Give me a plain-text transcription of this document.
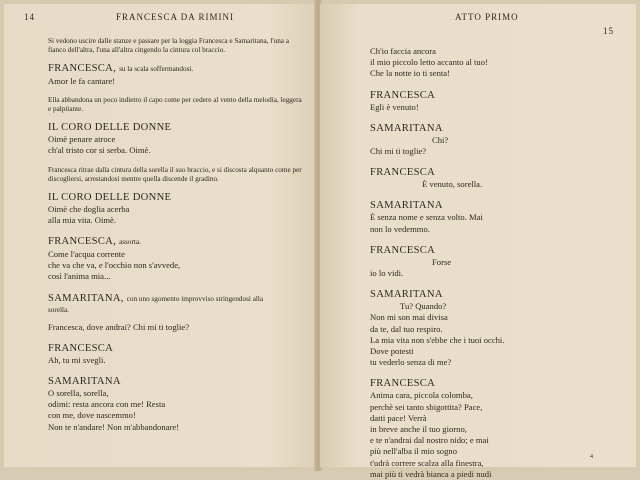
14	FRANCESCA DA RIMINI
Si vedono uscire dalle stanze e passare per la loggia Francesca e Samaritana, l'una a fianco dell'altra, l'una all'altra cingendo la cintura col braccio.
FRANCESCA, su la scala soffermandosi.
Amor le fa cantare!
Ella abbandona un poco indietro il capo come per cedere al vento della melodia, leggera e palpitante.
IL CORO DELLE DONNE
Oimè penare atroce
ch'al tristo cor si serba. Oimè.
Francesca ritrae dalla cintura della sorella il suo braccio, e si discosta alquanto come per discogliersi, arrestandosi mentre quella discende il gradino.
IL CORO DELLE DONNE
Oimè che doglia acerba
alla mia vita. Oimè.
FRANCESCA, assorta.
Come l'acqua corrente
che va che va, e l'occhio non s'avvede,
così l'anima mia...
SAMARITANA, con uno sgomento improvviso stringendosi alla
sorella.
Francesca, dove andrai? Chi mi ti toglie?
FRANCESCA
Ah, tu mi svegli.
SAMARITANA
O sorella, sorella,
odimi: resta ancora con me! Resta
con me, dove nascemmo!
Non te n'andare! Non m'abbandonare!
ATTO PRIMO
15
Ch'io faccia ancora
il mio piccolo letto accanto al tuo!
Che la notte io ti senta!
FRANCESCA
Egli è venuto!
SAMARITANA
Chi?
Chi mi ti toglie?
FRANCESCA
È venuto, sorella.
SAMARITANA
È senza nome e senza volto. Mai
non lo vedemmo.
FRANCESCA
Forse
io lo vidi.
SAMARITANA
Tu? Quando?
Non mi son mai divisa
da te, dal tuo respiro.
La mia vita non s'ebbe che i tuoi occhi.
Dove potesti
tu vederlo senza di me?
FRANCESCA
Anima cara, piccola colomba,
perchè sei tanto sbigottita? Pace,
datti pace! Verrà
in breve anche il tuo giorno,
e te n'andrai dal nostro nido; e mai
più nell'alba il mio sogno
t'udrà correre scalza alla finestra,
mai più ti vedrà bianca a piedi nudi
4
